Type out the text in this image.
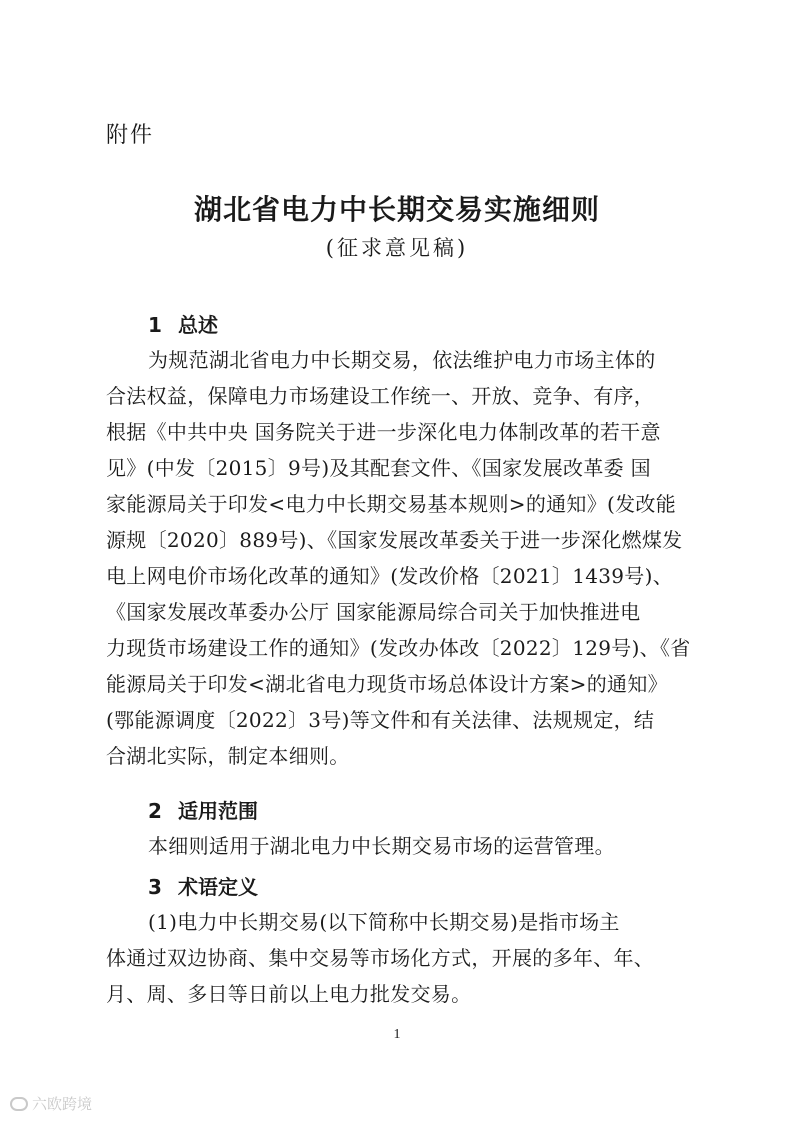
附件
湖北省电力中长期交易实施细则
(征求意见稿)
1 总述
为规范湖北省电力中长期交易，依法维护电力市场主体的
合法权益，保障电力市场建设工作统一、开放、竞争、有序，
根据《中共中央 国务院关于进一步深化电力体制改革的若干意
见》(中发〔2015〕9号)及其配套文件、《国家发展改革委 国
家能源局关于印发<电力中长期交易基本规则>的通知》(发改能
源规〔2020〕889号)、《国家发展改革委关于进一步深化燃煤发
电上网电价市场化改革的通知》(发改价格〔2021〕1439号)、
《国家发展改革委办公厅 国家能源局综合司关于加快推进电
力现货市场建设工作的通知》(发改办体改〔2022〕129号)、《省
能源局关于印发<湖北省电力现货市场总体设计方案>的通知》
(鄂能源调度〔2022〕3号)等文件和有关法律、法规规定，结
合湖北实际，制定本细则。
2 适用范围
本细则适用于湖北电力中长期交易市场的运营管理。
3 术语定义
(1)电力中长期交易(以下简称中长期交易)是指市场主
体通过双边协商、集中交易等市场化方式，开展的多年、年、
月、周、多日等日前以上电力批发交易。
1
六欧跨境
